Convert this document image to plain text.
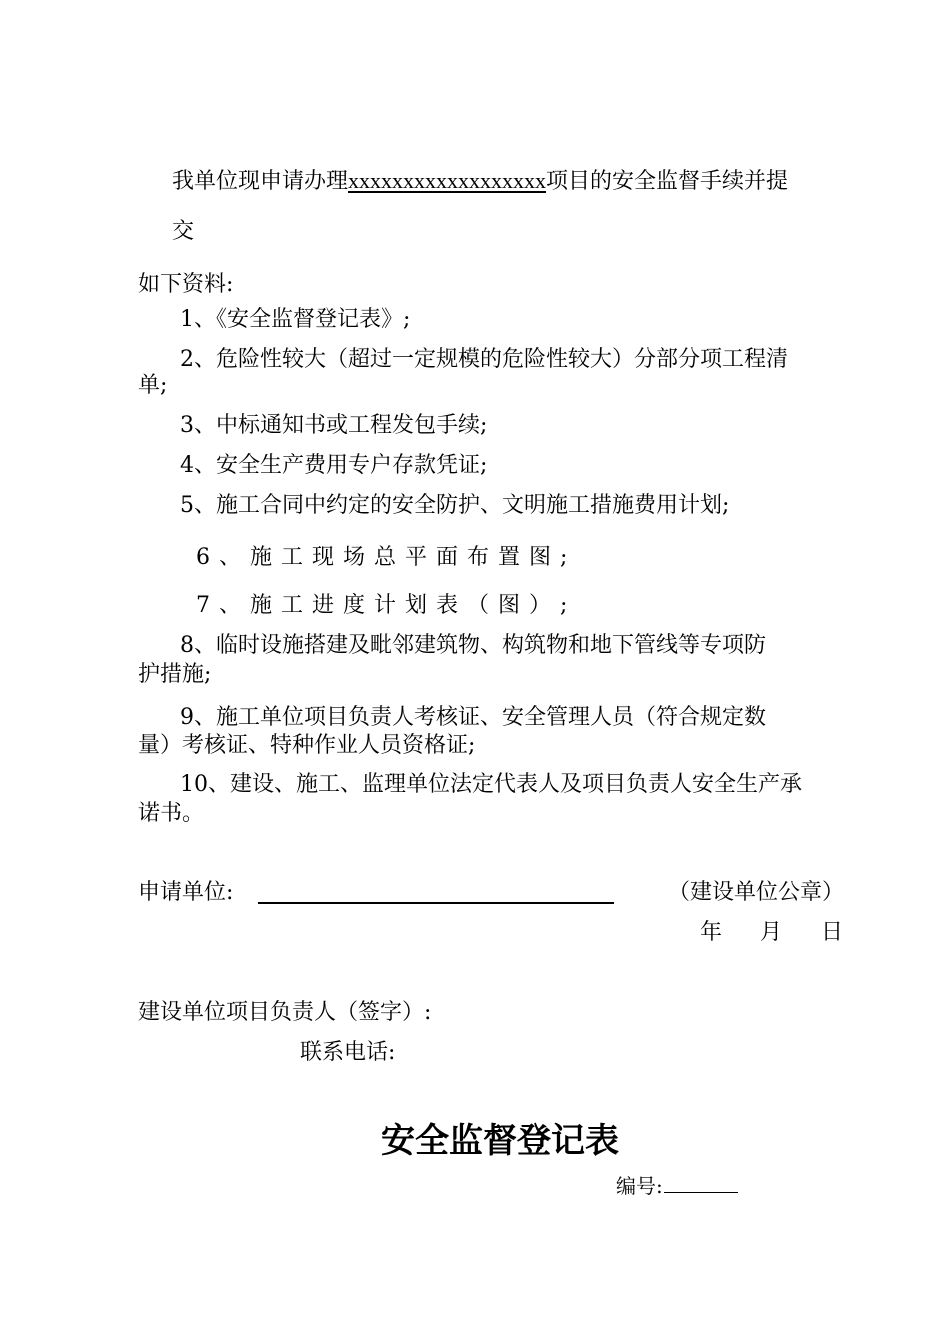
我单位现申请办理xxxxxxxxxxxxxxxxxx项目的安全监督手续并提
交
如下资料:
1、《安全监督登记表》;
2、危险性较大（超过一定规模的危险性较大）分部分项工程清
单;
3、中标通知书或工程发包手续;
4、安全生产费用专户存款凭证;
5、施工合同中约定的安全防护、文明施工措施费用计划;
6、施工现场总平面布置图;
7、施工进度计划表（图）;
8、临时设施搭建及毗邻建筑物、构筑物和地下管线等专项防
护措施;
9、施工单位项目负责人考核证、安全管理人员（符合规定数
量）考核证、特种作业人员资格证;
10、建设、施工、监理单位法定代表人及项目负责人安全生产承
诺书。
申请单位:	（建设单位公章）
年 月 日
建设单位项目负责人（签字）:
联系电话:
安全监督登记表
编号:
